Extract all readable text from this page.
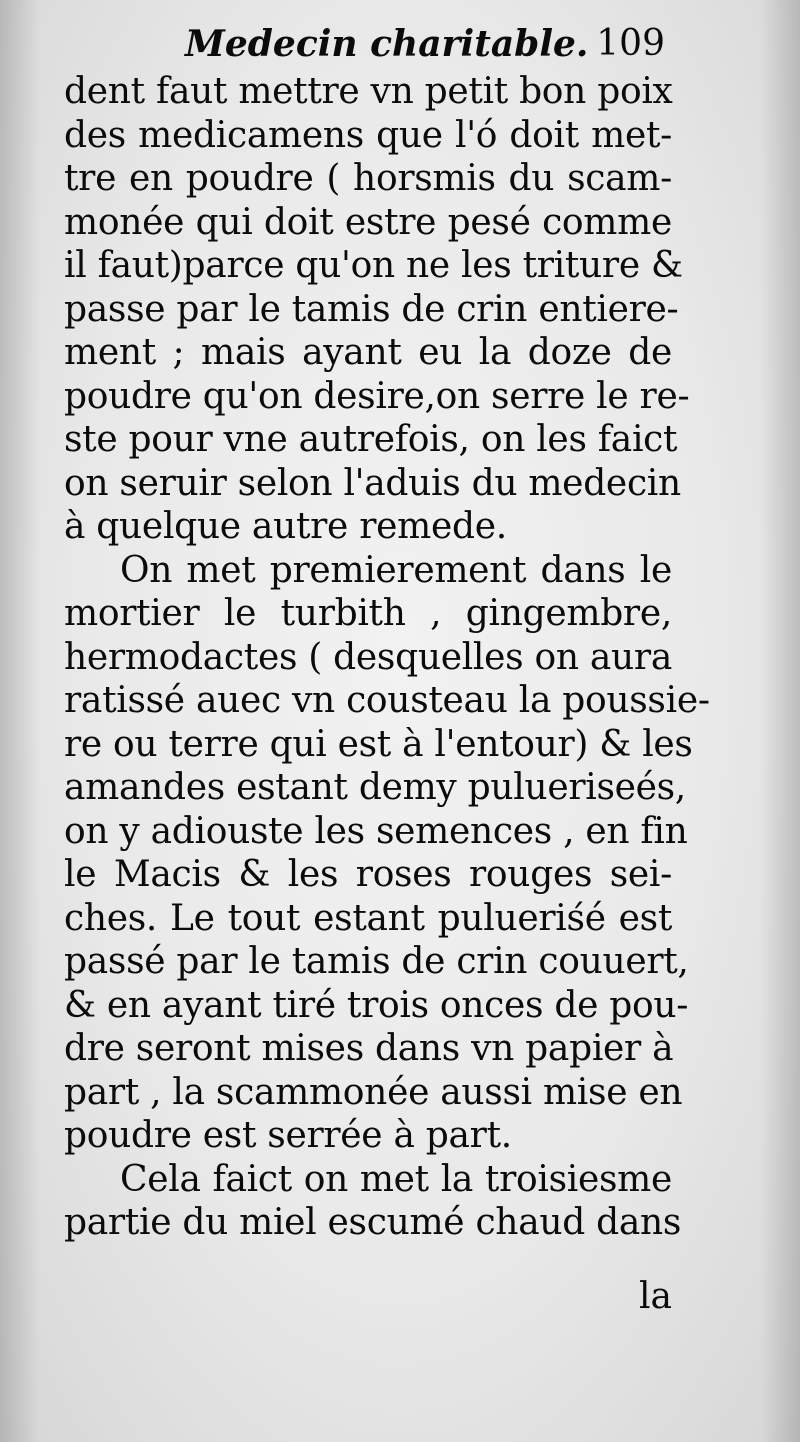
Medecin charitable. 109
dent faut mettre vn petit bon poix
des medicamens que l'ó doit met-
tre en poudre ( horsmis du scam-
monée qui doit estre pesé comme
il faut)parce qu'on ne les triture &
passe par le tamis de crin entiere-
ment ; mais ayant eu la doze de
poudre qu'on desire,on serre le re-
ste pour vne autrefois, on les faict
on seruir selon l'aduis du medecin
à quelque autre remede.
On met premierement dans le
mortier le turbith , gingembre,
hermodactes ( desquelles on aura
ratissé auec vn cousteau la poussie-
re ou terre qui est à l'entour) & les
amandes estant demy pulueriseés,
on y adiouste les semences , en fin
le Macis & les roses rouges sei-
ches. Le tout estant pulueriśé est
passé par le tamis de crin couuert,
& en ayant tiré trois onces de pou-
dre seront mises dans vn papier à
part , la scammonée aussi mise en
poudre est serrée à part.
Cela faict on met la troisiesme
partie du miel escumé chaud dans
la
